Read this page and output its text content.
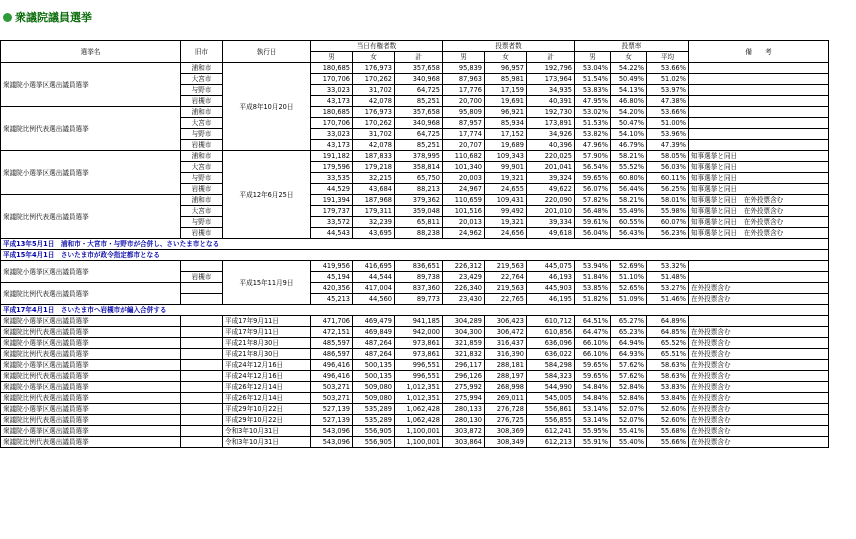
衆議院議員選挙
選挙名	旧市	執行日	当日有権者数			投票者数			投票率			備　　考
			男	女	計	男	女	計	男	女	平均	
衆議院小選挙区選出議員選挙	浦和市	平成8年10月20日	180,685	176,973	357,658	95,839	96,957	192,796	53.04%	54.22%	53.66%	
	大宮市		170,706	170,262	340,968	87,963	85,981	173,964	51.54%	50.49%	51.02%	
	与野市		33,023	31,702	64,725	17,776	17,159	34,935	53.83%	54.13%	53.97%	
	岩槻市		43,173	42,078	85,251	20,700	19,691	40,391	47.95%	46.80%	47.38%	
衆議院比例代表選出議員選挙	浦和市		180,685	176,973	357,658	95,809	96,921	192,730	53.02%	54.20%	53.66%	
	大宮市		170,706	170,262	340,968	87,957	85,934	173,891	51.53%	50.47%	51.00%	
	与野市		33,023	31,702	64,725	17,774	17,152	34,926	53.82%	54.10%	53.96%	
	岩槻市		43,173	42,078	85,251	20,707	19,689	40,396	47.96%	46.79%	47.39%	
衆議院小選挙区選出議員選挙	浦和市	平成12年6月25日	191,182	187,833	378,995	110,682	109,343	220,025	57.90%	58.21%	58.05%	知事選挙と同日
	大宮市		179,596	179,218	358,814	101,340	99,901	201,041	56.54%	55.52%	56.03%	知事選挙と同日
	与野市		33,535	32,215	65,750	20,003	19,321	39,324	59.65%	60.80%	60.11%	知事選挙と同日
	岩槻市		44,529	43,684	88,213	24,967	24,655	49,622	56.07%	56.44%	56.25%	知事選挙と同日
衆議院比例代表選出議員選挙	浦和市		191,394	187,968	379,362	110,659	109,431	220,090	57.82%	58.21%	58.01%	知事選挙と同日　在外投票含む
	大宮市		179,737	179,311	359,048	101,516	99,492	201,010	56.48%	55.49%	55.98%	知事選挙と同日　在外投票含む
	与野市		33,572	32,239	65,811	20,013	19,321	39,334	59.61%	60.55%	60.07%	知事選挙と同日　在外投票含む
	岩槻市		44,543	43,695	88,238	24,962	24,656	49,618	56.04%	56.43%	56.23%	知事選挙と同日　在外投票含む
平成13年5月1日　浦和市・大宮市・与野市が合併し、さいたま市となる												
平成15年4月1日　さいたま市が政令指定都市となる												
衆議院小選挙区選出議員選挙		平成15年11月9日	419,956	416,695	836,651	226,312	219,563	445,075	53.94%	52.69%	53.32%	
	岩槻市		45,194	44,544	89,738	23,429	22,764	46,193	51.84%	51.10%	51.48%	
衆議院比例代表選出議員選挙			420,356	417,004	837,360	226,340	219,563	445,903	53.85%	52.65%	53.27%	在外投票含む
			45,213	44,560	89,773	23,430	22,765	46,195	51.82%	51.09%	51.46%	在外投票含む
平成17年4月1日　さいたま市へ岩槻市が編入合併する												
衆議院小選挙区選出議員選挙		平成17年9月11日	471,706	469,479	941,185	304,289	306,423	610,712	64.51%	65.27%	64.89%	
衆議院比例代表選出議員選挙		平成17年9月11日	472,151	469,849	942,000	304,300	306,472	610,856	64.47%	65.23%	64.85%	在外投票含む
衆議院小選挙区選出議員選挙		平成21年8月30日	485,597	487,264	973,861	321,859	316,437	636,096	66.10%	64.94%	65.52%	在外投票含む
衆議院比例代表選出議員選挙		平成21年8月30日	486,597	487,264	973,861	321,832	316,390	636,022	66.10%	64.93%	65.51%	在外投票含む
衆議院小選挙区選出議員選挙		平成24年12月16日	496,416	500,135	996,551	296,117	288,181	584,298	59.65%	57.62%	58.63%	在外投票含む
衆議院比例代表選出議員選挙		平成24年12月16日	496,416	500,135	996,551	296,126	288,197	584,323	59.65%	57.62%	58.63%	在外投票含む
衆議院小選挙区選出議員選挙		平成26年12月14日	503,271	509,080	1,012,351	275,992	268,998	544,990	54.84%	52.84%	53.83%	在外投票含む
衆議院比例代表選出議員選挙		平成26年12月14日	503,271	509,080	1,012,351	275,994	269,011	545,005	54.84%	52.84%	53.84%	在外投票含む
衆議院小選挙区選出議員選挙		平成29年10月22日	527,139	535,289	1,062,428	280,133	276,728	556,861	53.14%	52.07%	52.60%	在外投票含む
衆議院比例代表選出議員選挙		平成29年10月22日	527,139	535,289	1,062,428	280,130	276,725	556,855	53.14%	52.07%	52.60%	在外投票含む
衆議院小選挙区選出議員選挙		令和3年10月31日	543,096	556,905	1,100,001	303,872	308,369	612,241	55.95%	55.41%	55.68%	在外投票含む
衆議院比例代表選出議員選挙		令和3年10月31日	543,096	556,905	1,100,001	303,864	308,349	612,213	55.91%	55.40%	55.66%	在外投票含む
